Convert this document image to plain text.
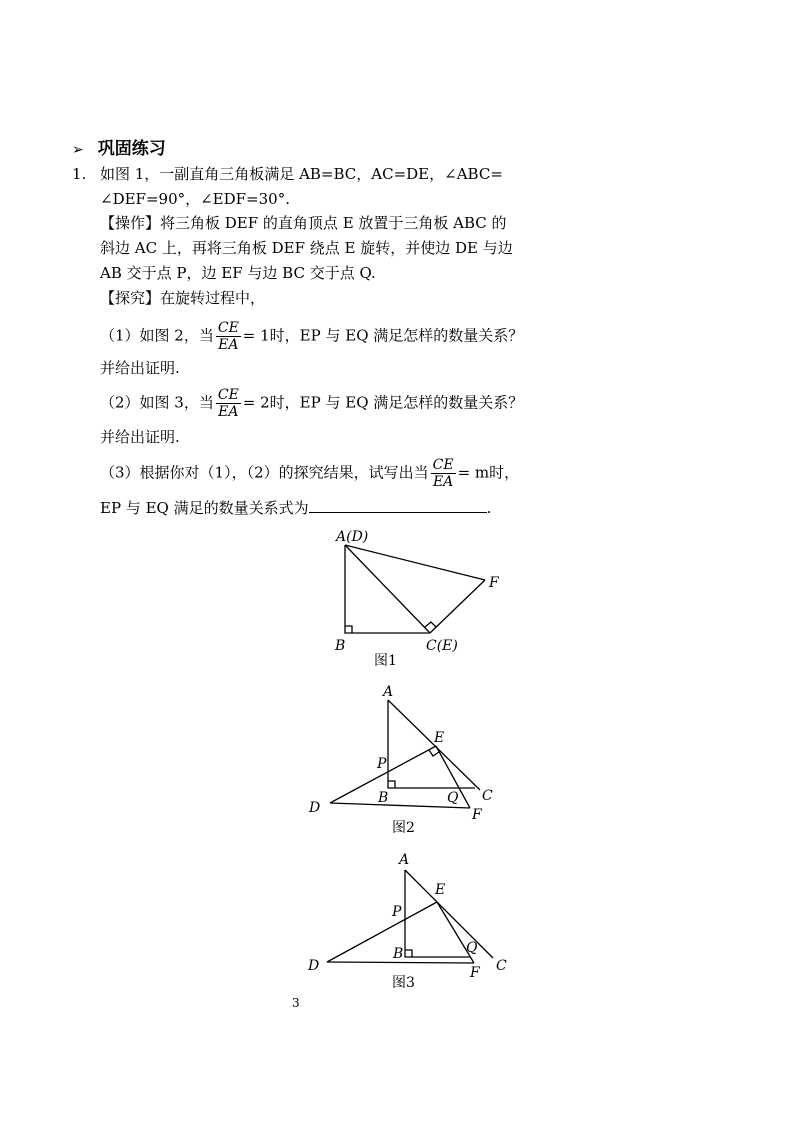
➢ 巩固练习
1. 如图 1，一副直角三角板满足 AB=BC，AC=DE，∠ABC=
∠DEF=90°，∠EDF=30°.
【操作】将三角板 DEF 的直角顶点 E 放置于三角板 ABC 的
斜边 AC 上，再将三角板 DEF 绕点 E 旋转，并使边 DE 与边
AB 交于点 P，边 EF 与边 BC 交于点 Q.
【探究】在旋转过程中，
（1）如图 2，当 $\frac{CE}{EA} = 1$时，EP 与 EQ 满足怎样的数量关系？
并给出证明.
（2）如图 3，当 $\frac{CE}{EA} = 2$时，EP 与 EQ 满足怎样的数量关系？
并给出证明.
（3）根据你对（1），（2）的探究结果，试写出当 $\frac{CE}{EA} = m$时，
EP 与 EQ 满足的数量关系式为	.
A(D)
B	C(E)
F
图1
A
E
P
B	Q C
D	F
图2
A
E
P
B	Q
C
D	F
图3
3
